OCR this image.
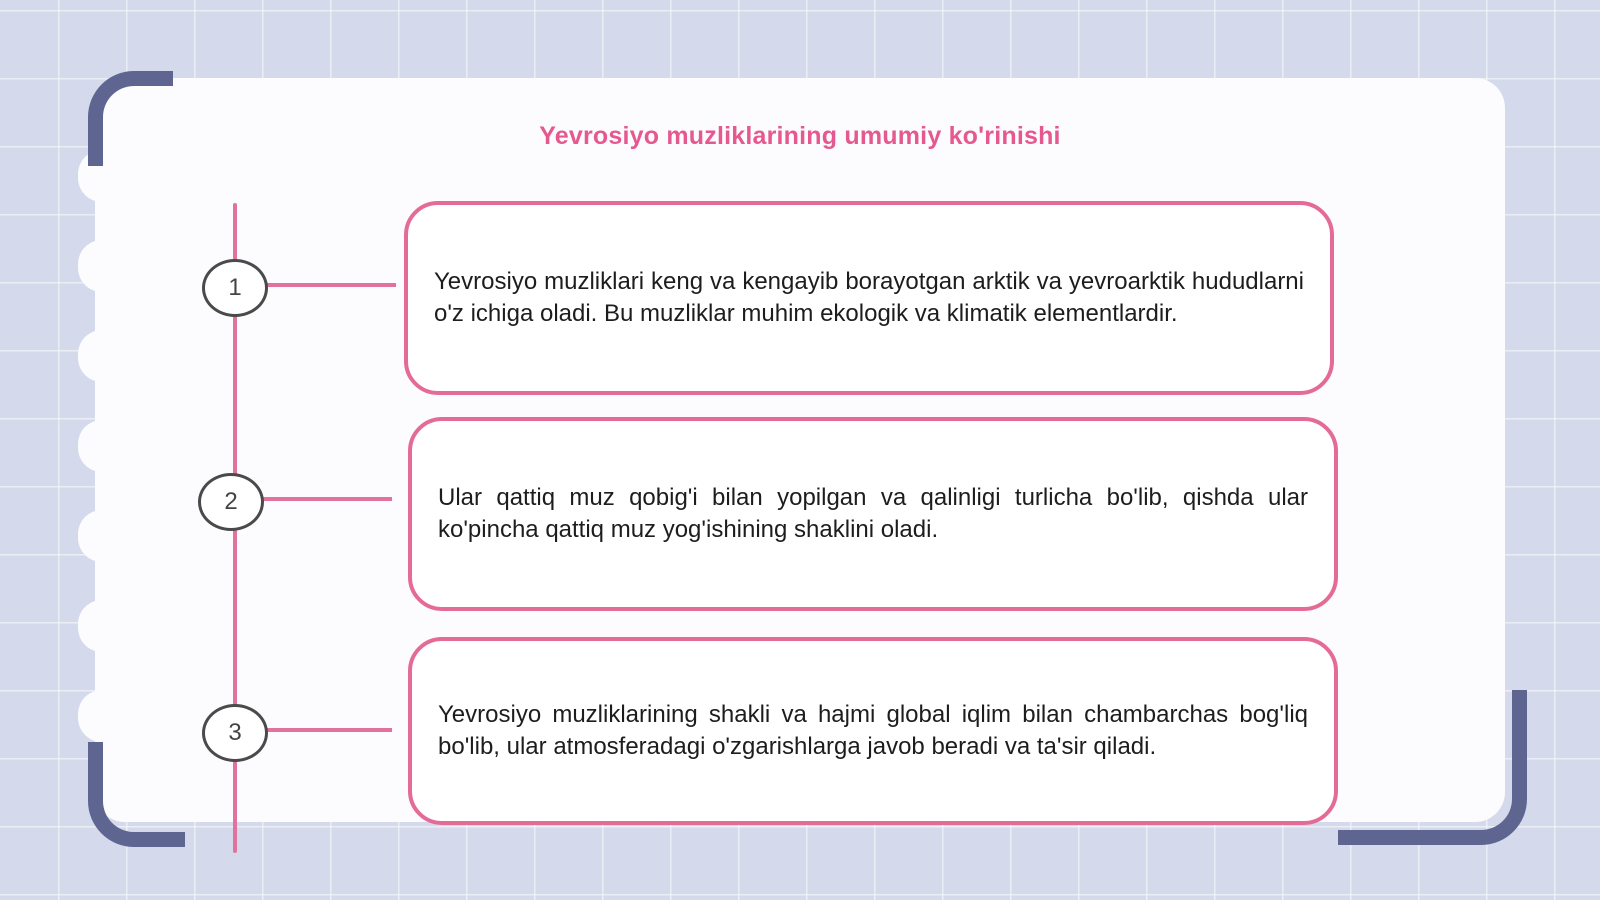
Yevrosiyo muzliklarining umumiy ko'rinishi
1	Yevrosiyo muzliklari keng va kengayib borayotgan arktik va yevroarktik hududlarni o'z ichiga oladi. Bu muzliklar muhim ekologik va klimatik elementlardir.
2	Ular qattiq muz qobig'i bilan yopilgan va qalinligi turlicha bo'lib, qishda ular ko'pincha qattiq muz yog'ishining shaklini oladi.
3
Yevrosiyo muzliklarining shakli va hajmi global iqlim bilan chambarchas bog'liq bo'lib, ular atmosferadagi o'zgarishlarga javob beradi va ta'sir qiladi.
